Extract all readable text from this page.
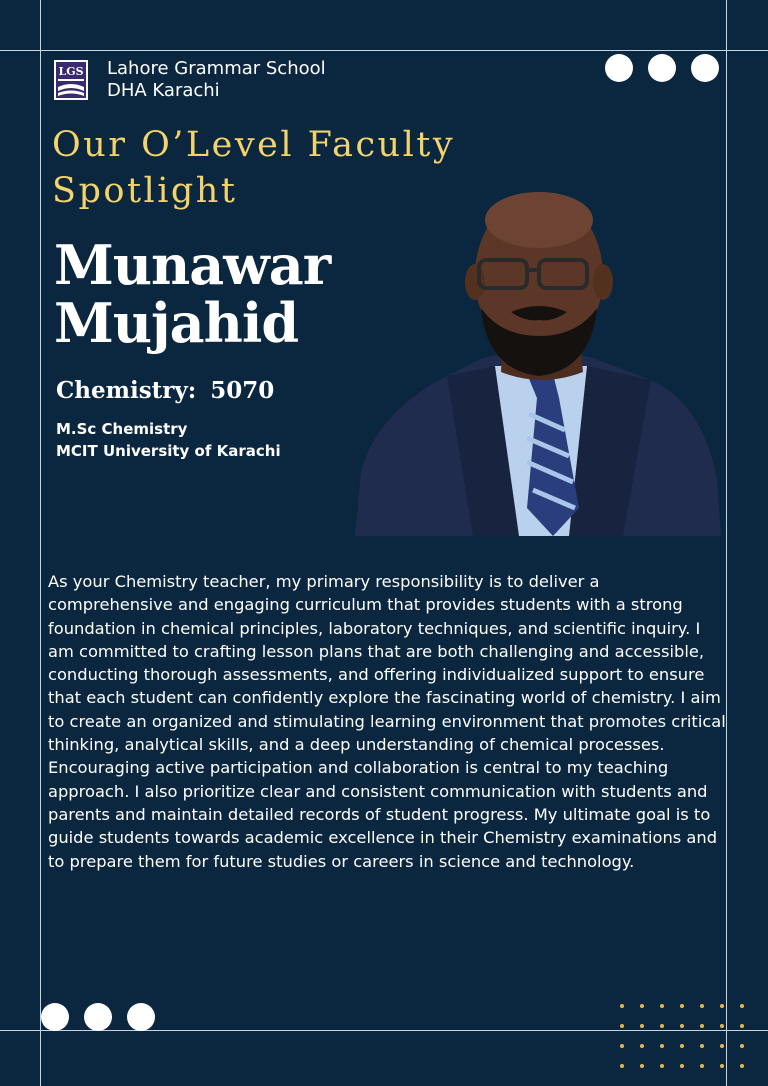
LGS Lahore Grammar School
DHA Karachi
Our O’Level Faculty Spotlight
Munawar
Mujahid
Chemistry: 5070
M.Sc Chemistry
MCIT University of Karachi
As your Chemistry teacher, my primary responsibility is to deliver a comprehensive and engaging curriculum that provides students with a strong foundation in chemical principles, laboratory techniques, and scientific inquiry. I am committed to crafting lesson plans that are both challenging and accessible, conducting thorough assessments, and offering individualized support to ensure that each student can confidently explore the fascinating world of chemistry. I aim to create an organized and stimulating learning environment that promotes critical thinking, analytical skills, and a deep understanding of chemical processes. Encouraging active participation and collaboration is central to my teaching approach. I also prioritize clear and consistent communication with students and parents and maintain detailed records of student progress. My ultimate goal is to guide students towards academic excellence in their Chemistry examinations and to prepare them for future studies or careers in science and technology.
